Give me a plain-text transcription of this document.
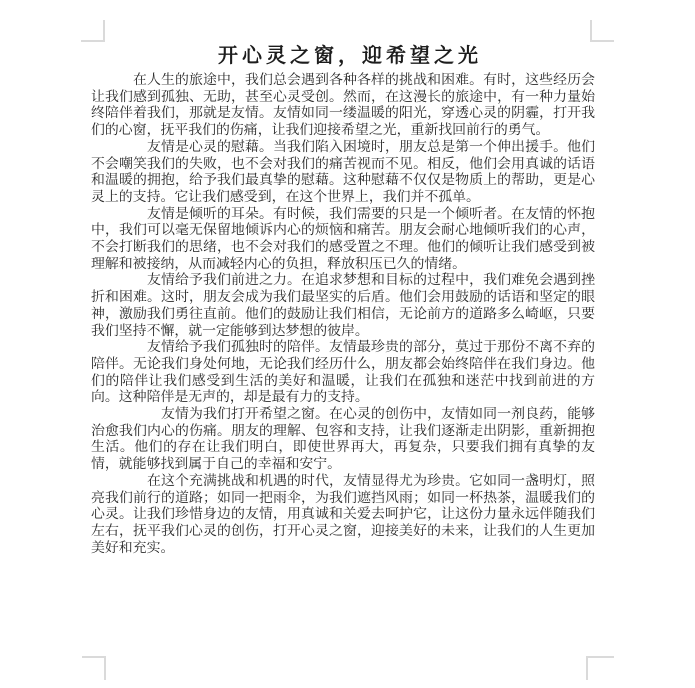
开心灵之窗，迎希望之光

　　　在人生的旅途中，我们总会遇到各种各样的挑战和困难。有时，这些经历会让我们感到孤独、无助，甚至心灵受创。然而，在这漫长的旅途中，有一种力量始终陪伴着我们，那就是友情。友情如同一缕温暖的阳光，穿透心灵的阴霾，打开我们的心窗，抚平我们的伤痛，让我们迎接希望之光，重新找回前行的勇气。

　　　　友情是心灵的慰藉。当我们陷入困境时，朋友总是第一个伸出援手。他们不会嘲笑我们的失败，也不会对我们的痛苦视而不见。相反，他们会用真诚的话语和温暖的拥抱，给予我们最真挚的慰藉。这种慰藉不仅仅是物质上的帮助，更是心灵上的支持。它让我们感受到，在这个世界上，我们并不孤单。

　　　　友情是倾听的耳朵。有时候，我们需要的只是一个倾听者。在友情的怀抱中，我们可以毫无保留地倾诉内心的烦恼和痛苦。朋友会耐心地倾听我们的心声，不会打断我们的思绪，也不会对我们的感受置之不理。他们的倾听让我们感受到被理解和被接纳，从而减轻内心的负担，释放积压已久的情绪。

　　　　友情给予我们前进之力。在追求梦想和目标的过程中，我们难免会遇到挫折和困难。这时，朋友会成为我们最坚实的后盾。他们会用鼓励的话语和坚定的眼神，激励我们勇往直前。他们的鼓励让我们相信，无论前方的道路多么崎岖，只要我们坚持不懈，就一定能够到达梦想的彼岸。

　　　　友情给予我们孤独时的陪伴。友情最珍贵的部分，莫过于那份不离不弃的陪伴。无论我们身处何地，无论我们经历什么，朋友都会始终陪伴在我们身边。他们的陪伴让我们感受到生活的美好和温暖，让我们在孤独和迷茫中找到前进的方向。这种陪伴是无声的，却是最有力的支持。

　　　　　友情为我们打开希望之窗。在心灵的创伤中，友情如同一剂良药，能够治愈我们内心的伤痛。朋友的理解、包容和支持，让我们逐渐走出阴影，重新拥抱生活。他们的存在让我们明白，即使世界再大，再复杂，只要我们拥有真挚的友情，就能够找到属于自己的幸福和安宁。

　　　　在这个充满挑战和机遇的时代，友情显得尤为珍贵。它如同一盏明灯，照亮我们前行的道路；如同一把雨伞，为我们遮挡风雨；如同一杯热茶，温暖我们的心灵。让我们珍惜身边的友情，用真诚和关爱去呵护它，让这份力量永远伴随我们左右，抚平我们心灵的创伤，打开心灵之窗，迎接美好的未来，让我们的人生更加美好和充实。
